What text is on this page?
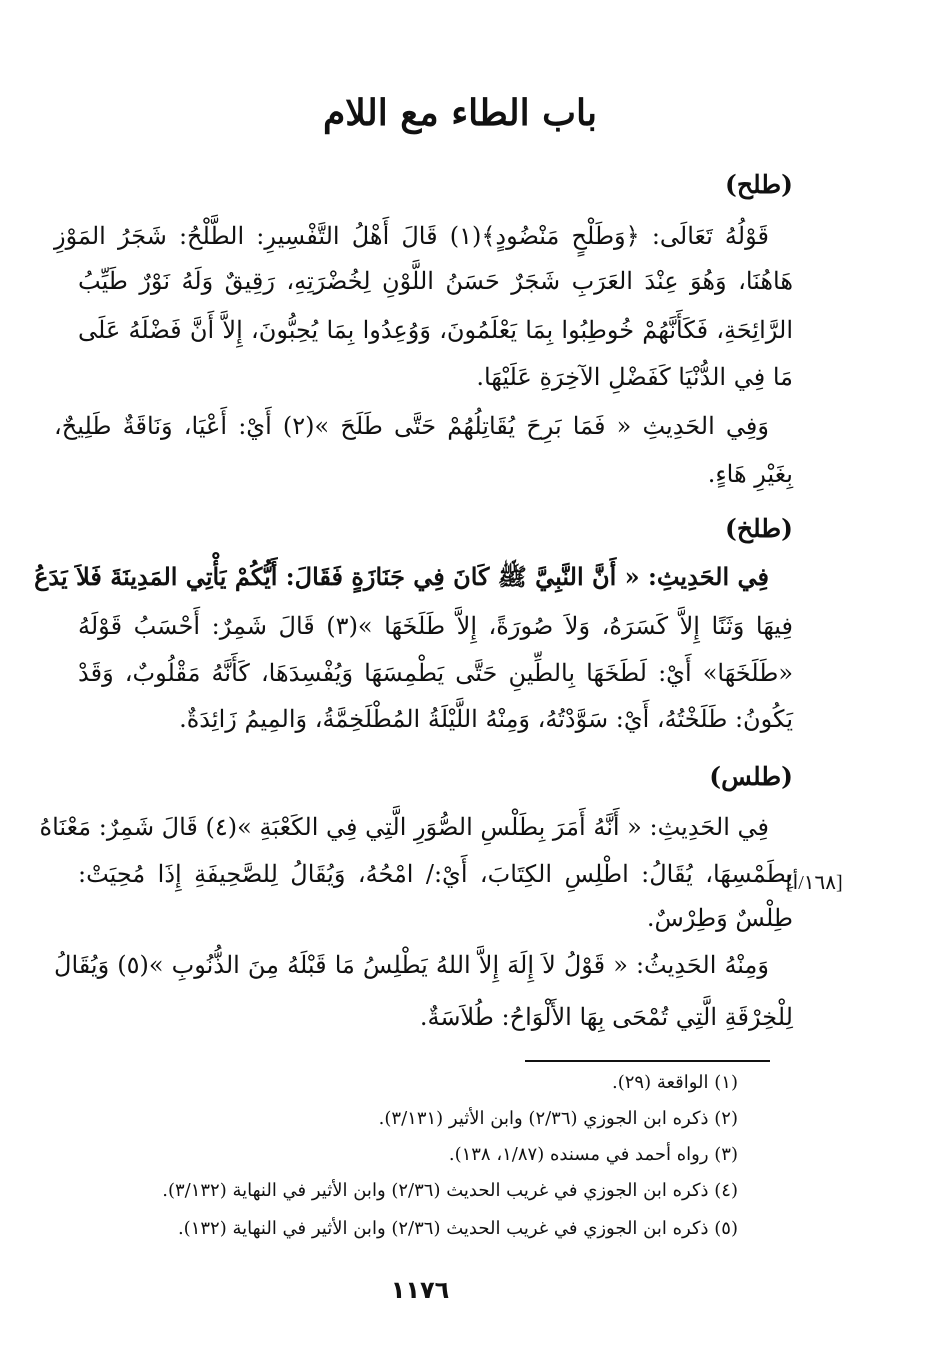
باب الطاء مع اللام
(طلح)
قَوْلُهُ تَعَالَى: ﴿وَطَلْحٍ مَنْضُودٍ﴾(١) قَالَ أَهْلُ التَّفْسِيرِ: الطَّلْحُ: شَجَرُ المَوْزِ
هَاهُنَا، وَهُوَ عِنْدَ العَرَبِ شَجَرٌ حَسَنُ اللَّوْنِ لِخُضْرَتِهِ، رَقِيقٌ وَلَهُ نَوْرٌ طَيِّبُ
الرَّائِحَةِ، فَكَأَنَّهُمْ خُوطِبُوا بِمَا يَعْلَمُونَ، وَوُعِدُوا بِمَا يُحِبُّونَ، إِلاَّ أَنَّ فَضْلَهُ عَلَى
مَا فِي الدُّنْيَا كَفَضْلِ الآخِرَةِ عَلَيْهَا.
وَفِي الحَدِيثِ « فَمَا بَرِحَ يُقَاتِلُهُمْ حَتَّى طَلَحَ »(٢) أَيْ: أَعْيَا، وَنَاقَةٌ طَلِيحٌ،
بِغَيْرِ هَاءٍ.
(طلخ)
فِي الحَدِيثِ: « أَنَّ النَّبِيَّ ﷺ كَانَ فِي جَنَازَةٍ فَقَالَ: أَيُّكُمْ يَأْتِي المَدِينَةَ فَلاَ يَدَعُ
فِيهَا وَثَنًا إِلاَّ كَسَرَهُ، وَلاَ صُورَةً، إِلاَّ طَلَخَهَا »(٣) قَالَ شَمِرٌ: أَحْسَبُ قَوْلَهُ
«طَلَخَهَا» أَيْ: لَطَخَهَا بِالطِّينِ حَتَّى يَطْمِسَهَا وَيُفْسِدَهَا، كَأَنَّهُ مَقْلُوبٌ، وَقَدْ
يَكُونُ: طَلَخْتُهُ، أَيْ: سَوَّدْتُهُ، وَمِنْهُ اللَّيْلَةُ المُطْلَخِمَّةُ، وَالمِيمُ زَائِدَةٌ.
(طلس)
فِي الحَدِيثِ: « أَنَّهُ أَمَرَ بِطَلْسِ الصُّوَرِ الَّتِي فِي الكَعْبَةِ »(٤) قَالَ شَمِرٌ: مَعْنَاهُ
بِطَمْسِهَا، يُقَالُ: اطْلِسِ الكِتَابَ، أَيْ:/ امْحُهُ، وَيُقَالُ لِلصَّحِيفَةِ إِذَا مُحِيَتْ:
طِلْسٌ وَطِرْسٌ.
وَمِنْهُ الحَدِيثُ: « قَوْلُ لاَ إِلَهَ إِلاَّ اللهُ يَطْلِسُ مَا قَبْلَهُ مِنَ الذُّنُوبِ »(٥) وَيُقَالُ
لِلْخِرْقَةِ الَّتِي تُمْحَى بِهَا الأَلْوَاحُ: طُلاَسَةٌ.
[١٦٨/أ]
(١) الواقعة (٢٩).
(٢) ذكره ابن الجوزي (٢/٣٦) وابن الأثير (٣/١٣١).
(٣) رواه أحمد في مسنده (١/٨٧، ١٣٨).
(٤) ذكره ابن الجوزي في غريب الحديث (٢/٣٦) وابن الأثير في النهاية (٣/١٣٢).
(٥) ذكره ابن الجوزي في غريب الحديث (٢/٣٦) وابن الأثير في النهاية (١٣٢).
١١٧٦
